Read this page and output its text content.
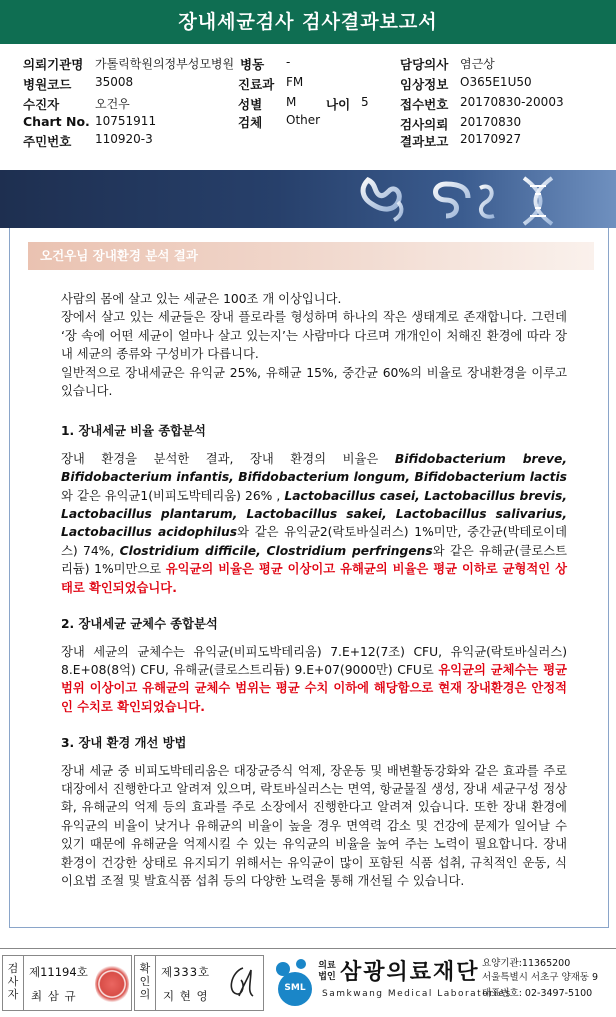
장내세균검사 검사결과보고서
의뢰기관명 가톨릭학원의정부성모병원 병동 -	담당의사 염근상
병원코드 35008	진료과 FM	임상정보 O365E1U50
수진자	오건우	성별 M 나이 5	접수번호 20170830-20003
Chart No. 10751911	검체 Other	검사의뢰 20170830
주민번호 110920-3	결과보고 20170927
오건우님 장내환경 분석 결과

사람의 몸에 살고 있는 세균은 100조 개 이상입니다.

장에서 살고 있는 세균들은 장내 플로라를 형성하며 하나의 작은 생태계로 존재합니다. 그런데 ‘장 속에 어떤 세균이 얼마나 살고 있는지’는 사람마다 다르며 개개인이 처해진 환경에 따라 장내 세균의 종류와 구성비가 다릅니다.

일반적으로 장내세균은 유익균 25%, 유해균 15%, 중간균 60%의 비율로 장내환경을 이루고 있습니다.

1. 장내세균 비율 종합분석

장내 환경을 분석한 결과, 장내 환경의 비율은 Bifidobacterium breve, Bifidobacterium infantis, Bifidobacterium longum, Bifidobacterium lactis와 같은 유익균1(비피도박테리움) 26% , Lactobacillus casei, Lactobacillus brevis, Lactobacillus plantarum, Lactobacillus sakei, Lactobacillus salivarius, Lactobacillus acidophilus와 같은 유익균2(락토바실러스) 1%미만, 중간균(박테로이데스) 74%, Clostridium difficile, Clostridium perfringens와 같은 유해균(클로스트리듐) 1%미만으로 유익균의 비율은 평균 이상이고 유해균의 비율은 평균 이하로 균형적인 상태로 확인되었습니다.

2. 장내세균 균체수 종합분석

장내 세균의 균체수는 유익균(비피도박테리움) 7.E+12(7조) CFU, 유익균(락토바실러스) 8.E+08(8억) CFU, 유해균(클로스트리듐) 9.E+07(9000만) CFU로 유익균의 균체수는 평균 범위 이상이고 유해균의 균체수 범위는 평균 수치 이하에 해당함으로 현재 장내환경은 안정적인 수치로 확인되었습니다.

3. 장내 환경 개선 방법

장내 세균 중 비피도박테리움은 대장균증식 억제, 장운동 및 배변활동강화와 같은 효과를 주로 대장에서 진행한다고 알려져 있으며, 락토바실러스는 면역, 항균물질 생성, 장내 세균구성 정상화, 유해균의 억제 등의 효과를 주로 소장에서 진행한다고 알려져 있습니다. 또한 장내 환경에 유익균의 비율이 낮거나 유해균의 비율이 높을 경우 면역력 감소 및 건강에 문제가 일어날 수 있기 때문에 유해균을 억제시킬 수 있는 유익균의 비율을 높여 주는 노력이 필요합니다. 장내 환경이 건강한 상태로 유지되기 위해서는 유익균이 많이 포함된 식품 섭취, 규칙적인 운동, 식이요법 조절 및 발효식품 섭취 등의 다양한 노력을 통해 개선될 수 있습니다.

검
사
자
제11194호
최 삼 규
확
인
의
제333호
지 현 영
SML
의료법인 삼광의료재단
Samkwang Medical Laboratories
요양기관:11365200
서울특별시 서초구 양재동 9
대표번호: 02-3497-5100
